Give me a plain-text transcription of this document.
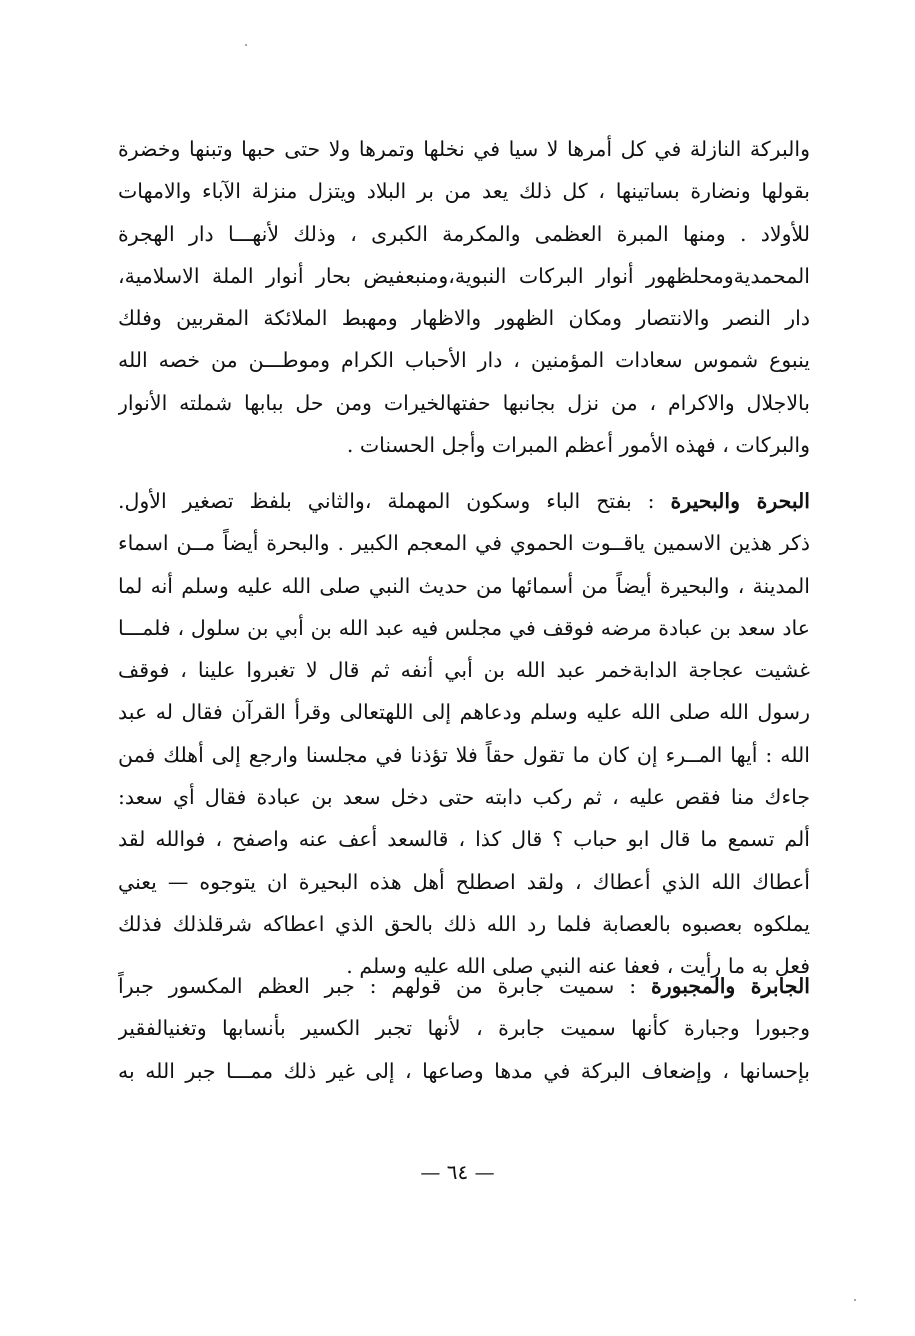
والبركة النازلة في كل أمرها لا سيا في نخلها وتمرها ولا حتى حبها وتبنها وخضرة
بقولها ونضارة بساتينها ، كل ذلك يعد من بر البلاد ويتزل منزلة الآباء والامهات
للأولاد . ومنها المبرة العظمى والمكرمة الكبرى ، وذلك لأنهـــا دار الهجرة
المحمديةومحلظهور أنوار البركات النبوية،ومنبعفيض بحار أنوار الملة الاسلامية،
دار النصر والانتصار ومكان الظهور والاظهار ومهبط الملائكة المقربين وفلك
ينبوع شموس سعادات المؤمنين ، دار الأحباب الكرام وموطـــن من خصه الله
بالاجلال والاكرام ، من نزل بجانبها حفتهالخيرات ومن حل ببابها شملته الأنوار
والبركات ، فهذه الأمور أعظم المبرات وأجل الحسنات .
البحرة والبحيرة : بفتح الباء وسكون المهملة ،والثاني بلفظ تصغير الأول.
ذكر هذين الاسمين ياقــوت الحموي في المعجم الكبير . والبحرة أيضاً مــن اسماء
المدينة ، والبحيرة أيضاً من أسمائها من حديث النبي صلى الله عليه وسلم أنه لما
عاد سعد بن عبادة مرضه فوقف في مجلس فيه عبد الله بن أبي بن سلول ، فلمـــا
غشيت عجاجة الدابةخمر عبد الله بن أبي أنفه ثم قال لا تغبروا علينا ، فوقف
رسول الله صلى الله عليه وسلم ودعاهم إلى اللهتعالى وقرأ القرآن فقال له عبد
الله : أيها المــرء إن كان ما تقول حقاً فلا تؤذنا في مجلسنا وارجع إلى أهلك فمن
جاءك منا فقص عليه ، ثم ركب دابته حتى دخل سعد بن عبادة فقال أي سعد:
ألم تسمع ما قال ابو حباب ؟ قال كذا ، قالسعد أعف عنه واصفح ، فوالله لقد
أعطاك الله الذي أعطاك ، ولقد اصطلح أهل هذه البحيرة ان يتوجوه — يعني
يملكوه بعصبوه بالعصابة فلما رد الله ذلك بالحق الذي اعطاكه شرقلذلك فذلك
فعل به ما رأيت ، فعفا عنه النبي صلى الله عليه وسلم .
الجابرة والمجبورة : سميت جابرة من قولهم : جبر العظم المكسور جبراً
وجبورا وجبارة كأنها سميت جابرة ، لأنها تجبر الكسير بأنسابها وتغنيالفقير
بإحسانها ، وإضعاف البركة في مدها وصاعها ، إلى غير ذلك ممـــا جبر الله به
— ٦٤ —
